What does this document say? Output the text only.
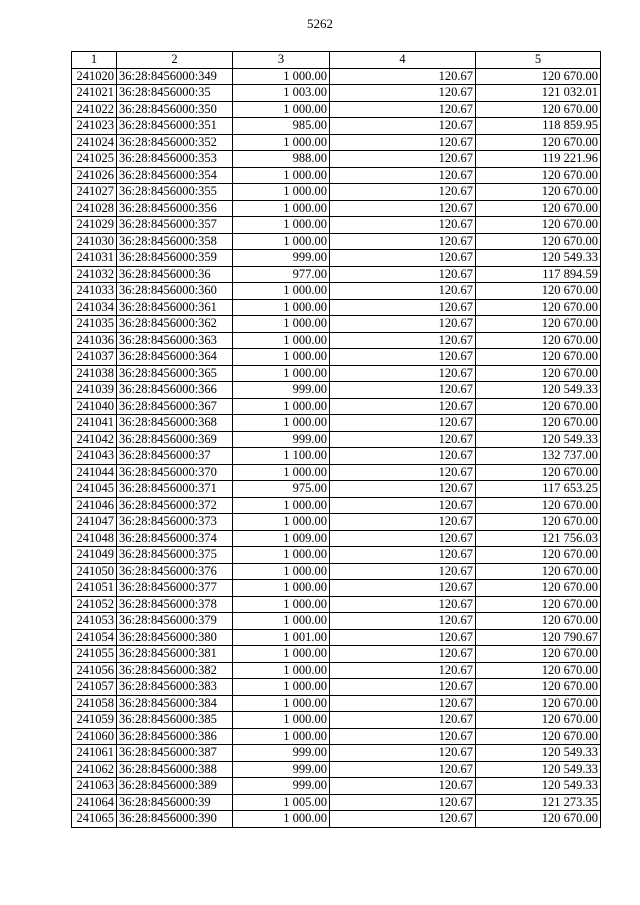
5262
1	2	3	4	5
241020	36:28:8456000:349	1 000.00	120.67	120 670.00
241021	36:28:8456000:35	1 003.00	120.67	121 032.01
241022	36:28:8456000:350	1 000.00	120.67	120 670.00
241023	36:28:8456000:351	985.00	120.67	118 859.95
241024	36:28:8456000:352	1 000.00	120.67	120 670.00
241025	36:28:8456000:353	988.00	120.67	119 221.96
241026	36:28:8456000:354	1 000.00	120.67	120 670.00
241027	36:28:8456000:355	1 000.00	120.67	120 670.00
241028	36:28:8456000:356	1 000.00	120.67	120 670.00
241029	36:28:8456000:357	1 000.00	120.67	120 670.00
241030	36:28:8456000:358	1 000.00	120.67	120 670.00
241031	36:28:8456000:359	999.00	120.67	120 549.33
241032	36:28:8456000:36	977.00	120.67	117 894.59
241033	36:28:8456000:360	1 000.00	120.67	120 670.00
241034	36:28:8456000:361	1 000.00	120.67	120 670.00
241035	36:28:8456000:362	1 000.00	120.67	120 670.00
241036	36:28:8456000:363	1 000.00	120.67	120 670.00
241037	36:28:8456000:364	1 000.00	120.67	120 670.00
241038	36:28:8456000:365	1 000.00	120.67	120 670.00
241039	36:28:8456000:366	999.00	120.67	120 549.33
241040	36:28:8456000:367	1 000.00	120.67	120 670.00
241041	36:28:8456000:368	1 000.00	120.67	120 670.00
241042	36:28:8456000:369	999.00	120.67	120 549.33
241043	36:28:8456000:37	1 100.00	120.67	132 737.00
241044	36:28:8456000:370	1 000.00	120.67	120 670.00
241045	36:28:8456000:371	975.00	120.67	117 653.25
241046	36:28:8456000:372	1 000.00	120.67	120 670.00
241047	36:28:8456000:373	1 000.00	120.67	120 670.00
241048	36:28:8456000:374	1 009.00	120.67	121 756.03
241049	36:28:8456000:375	1 000.00	120.67	120 670.00
241050	36:28:8456000:376	1 000.00	120.67	120 670.00
241051	36:28:8456000:377	1 000.00	120.67	120 670.00
241052	36:28:8456000:378	1 000.00	120.67	120 670.00
241053	36:28:8456000:379	1 000.00	120.67	120 670.00
241054	36:28:8456000:380	1 001.00	120.67	120 790.67
241055	36:28:8456000:381	1 000.00	120.67	120 670.00
241056	36:28:8456000:382	1 000.00	120.67	120 670.00
241057	36:28:8456000:383	1 000.00	120.67	120 670.00
241058	36:28:8456000:384	1 000.00	120.67	120 670.00
241059	36:28:8456000:385	1 000.00	120.67	120 670.00
241060	36:28:8456000:386	1 000.00	120.67	120 670.00
241061	36:28:8456000:387	999.00	120.67	120 549.33
241062	36:28:8456000:388	999.00	120.67	120 549.33
241063	36:28:8456000:389	999.00	120.67	120 549.33
241064	36:28:8456000:39	1 005.00	120.67	121 273.35
241065	36:28:8456000:390	1 000.00	120.67	120 670.00
